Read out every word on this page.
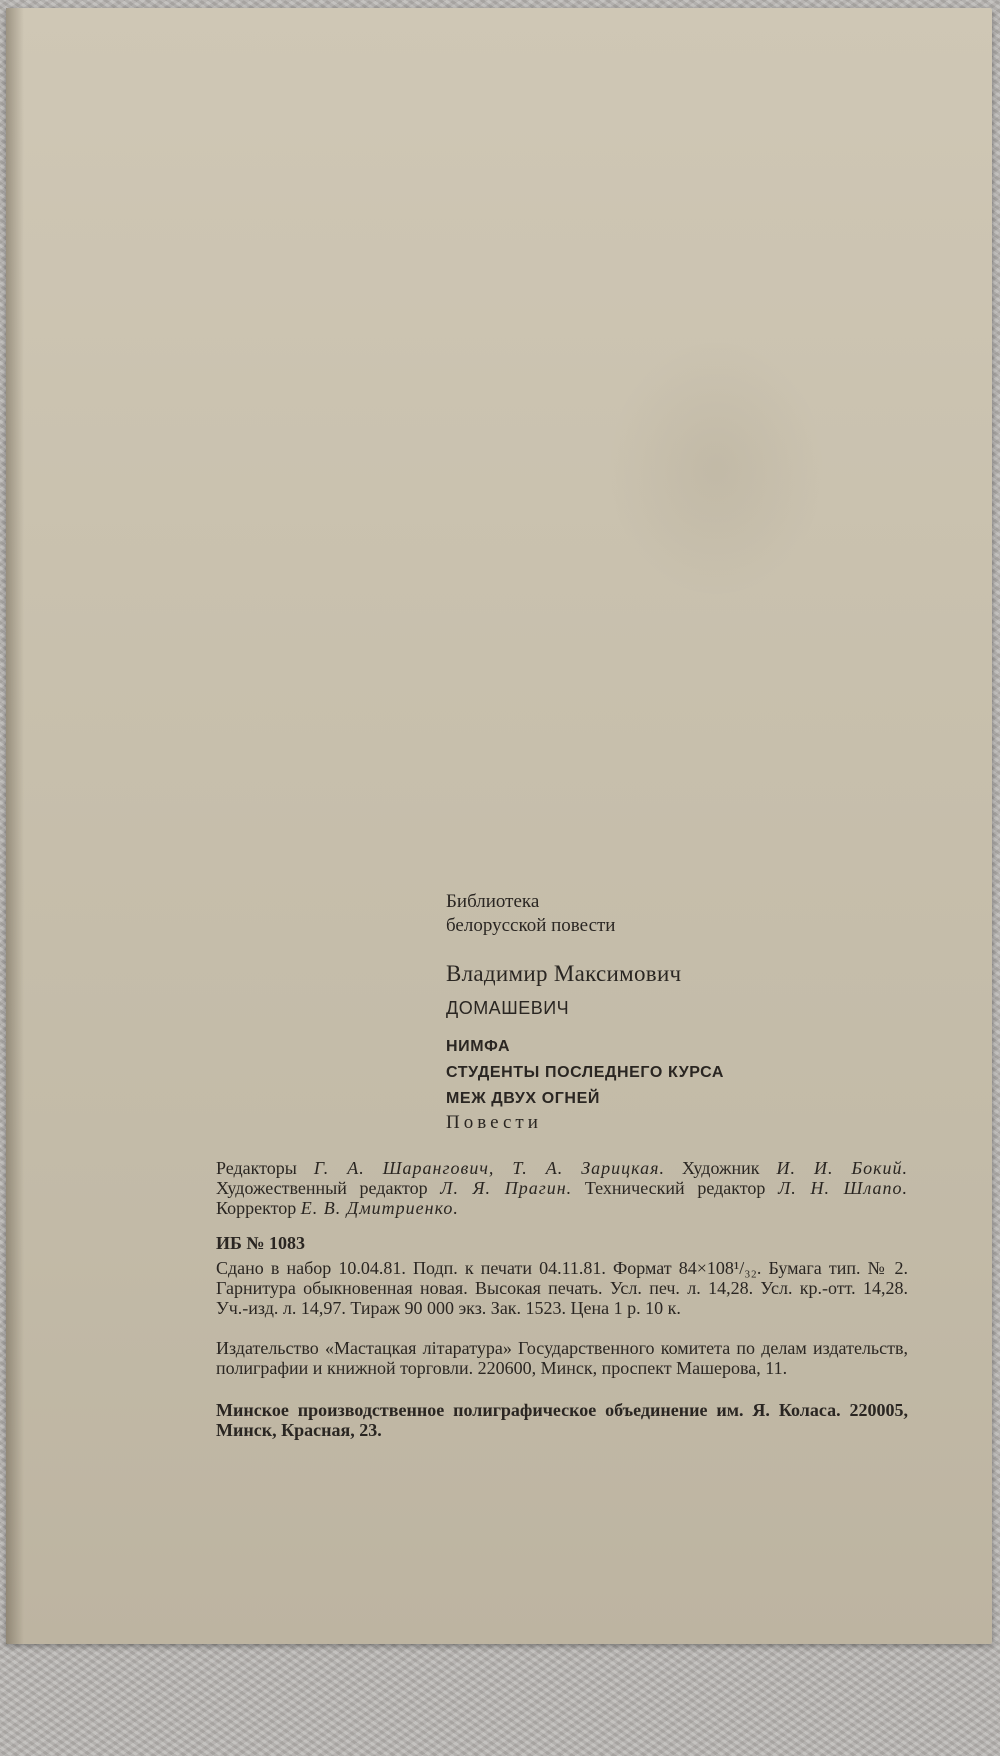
Библиотека
белорусской повести
Владимир Максимович
ДОМАШЕВИЧ
НИМФА
СТУДЕНТЫ ПОСЛЕДНЕГО КУРСА
МЕЖ ДВУХ ОГНЕЙ
Повести
Редакторы Г. А. Шарангович, Т. А. Зарицкая. Художник И. И. Бокий. Художественный редактор Л. Я. Прагин. Технический редактор Л. Н. Шлапо. Корректор Е. В. Дмитриенко.
ИБ № 1083
Сдано в набор 10.04.81. Подп. к печати 04.11.81. Формат 84×108¹/₃₂. Бумага тип. № 2. Гарнитура обыкновенная новая. Высокая печать. Усл. печ. л. 14,28. Усл. кр.-отт. 14,28. Уч.-изд. л. 14,97. Тираж 90 000 экз. Зак. 1523. Цена 1 р. 10 к.
Издательство «Мастацкая літаратура» Государственного комитета по делам издательств, полиграфии и книжной торговли. 220600, Минск, проспект Машерова, 11.
Минское производственное полиграфическое объединение им. Я. Коласа. 220005, Минск, Красная, 23.
